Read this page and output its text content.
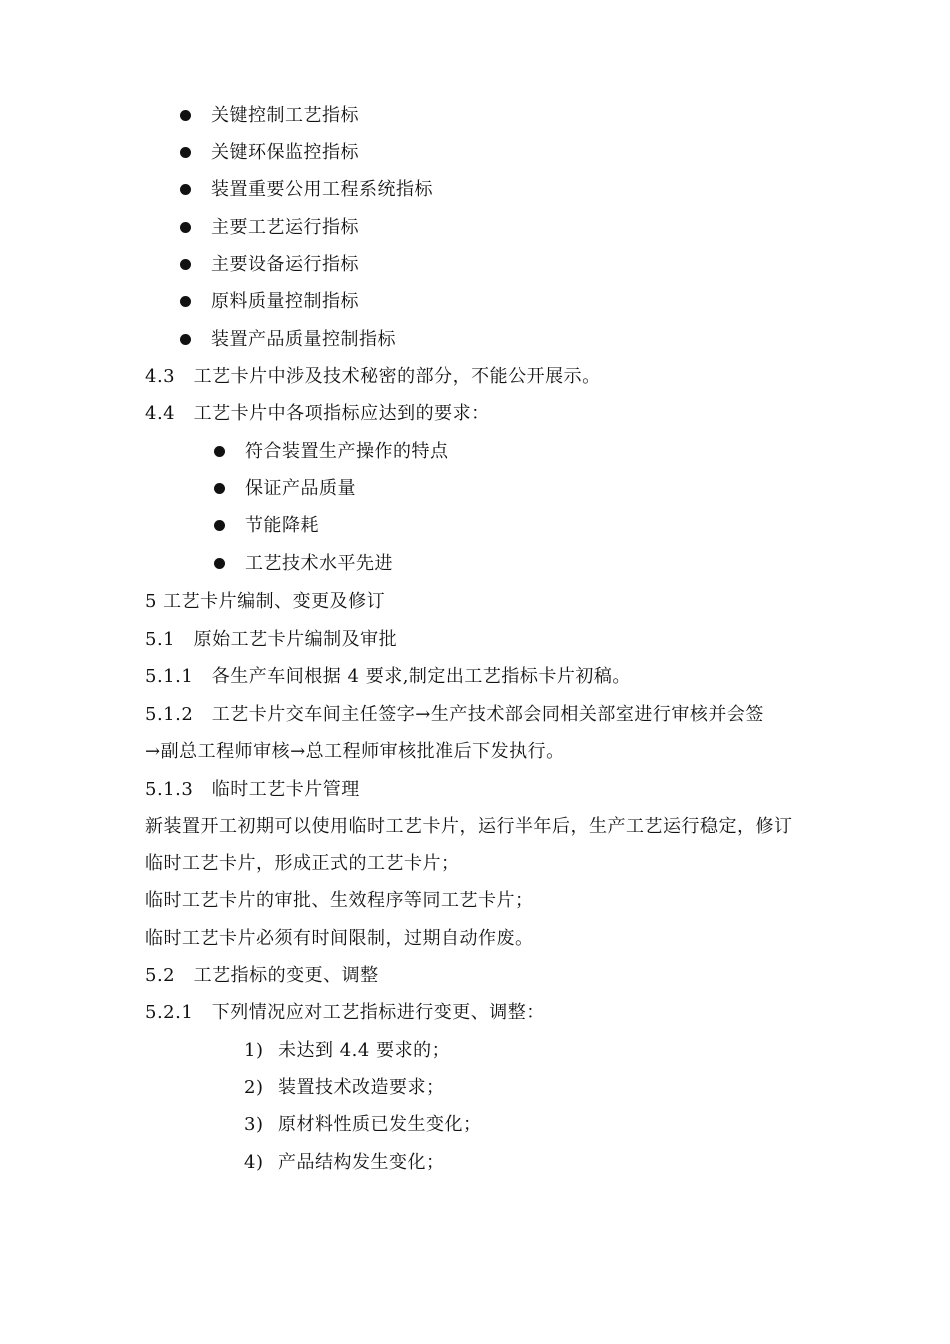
关键控制工艺指标
关键环保监控指标
装置重要公用工程系统指标
主要工艺运行指标
主要设备运行指标
原料质量控制指标
装置产品质量控制指标
4.3　工艺卡片中涉及技术秘密的部分，不能公开展示。
4.4　工艺卡片中各项指标应达到的要求：
符合装置生产操作的特点
保证产品质量
节能降耗
工艺技术水平先进
5 工艺卡片编制、变更及修订
5.1　原始工艺卡片编制及审批
5.1.1　各生产车间根据 4 要求,制定出工艺指标卡片初稿。
5.1.2　工艺卡片交车间主任签字→生产技术部会同相关部室进行审核并会签
→副总工程师审核→总工程师审核批准后下发执行。
5.1.3　临时工艺卡片管理
新装置开工初期可以使用临时工艺卡片，运行半年后，生产工艺运行稳定，修订
临时工艺卡片，形成正式的工艺卡片；
临时工艺卡片的审批、生效程序等同工艺卡片；
临时工艺卡片必须有时间限制，过期自动作废。
5.2　工艺指标的变更、调整
5.2.1　下列情况应对工艺指标进行变更、调整：
1) 未达到 4.4 要求的；
2) 装置技术改造要求；
3) 原材料性质已发生变化；
4) 产品结构发生变化；
